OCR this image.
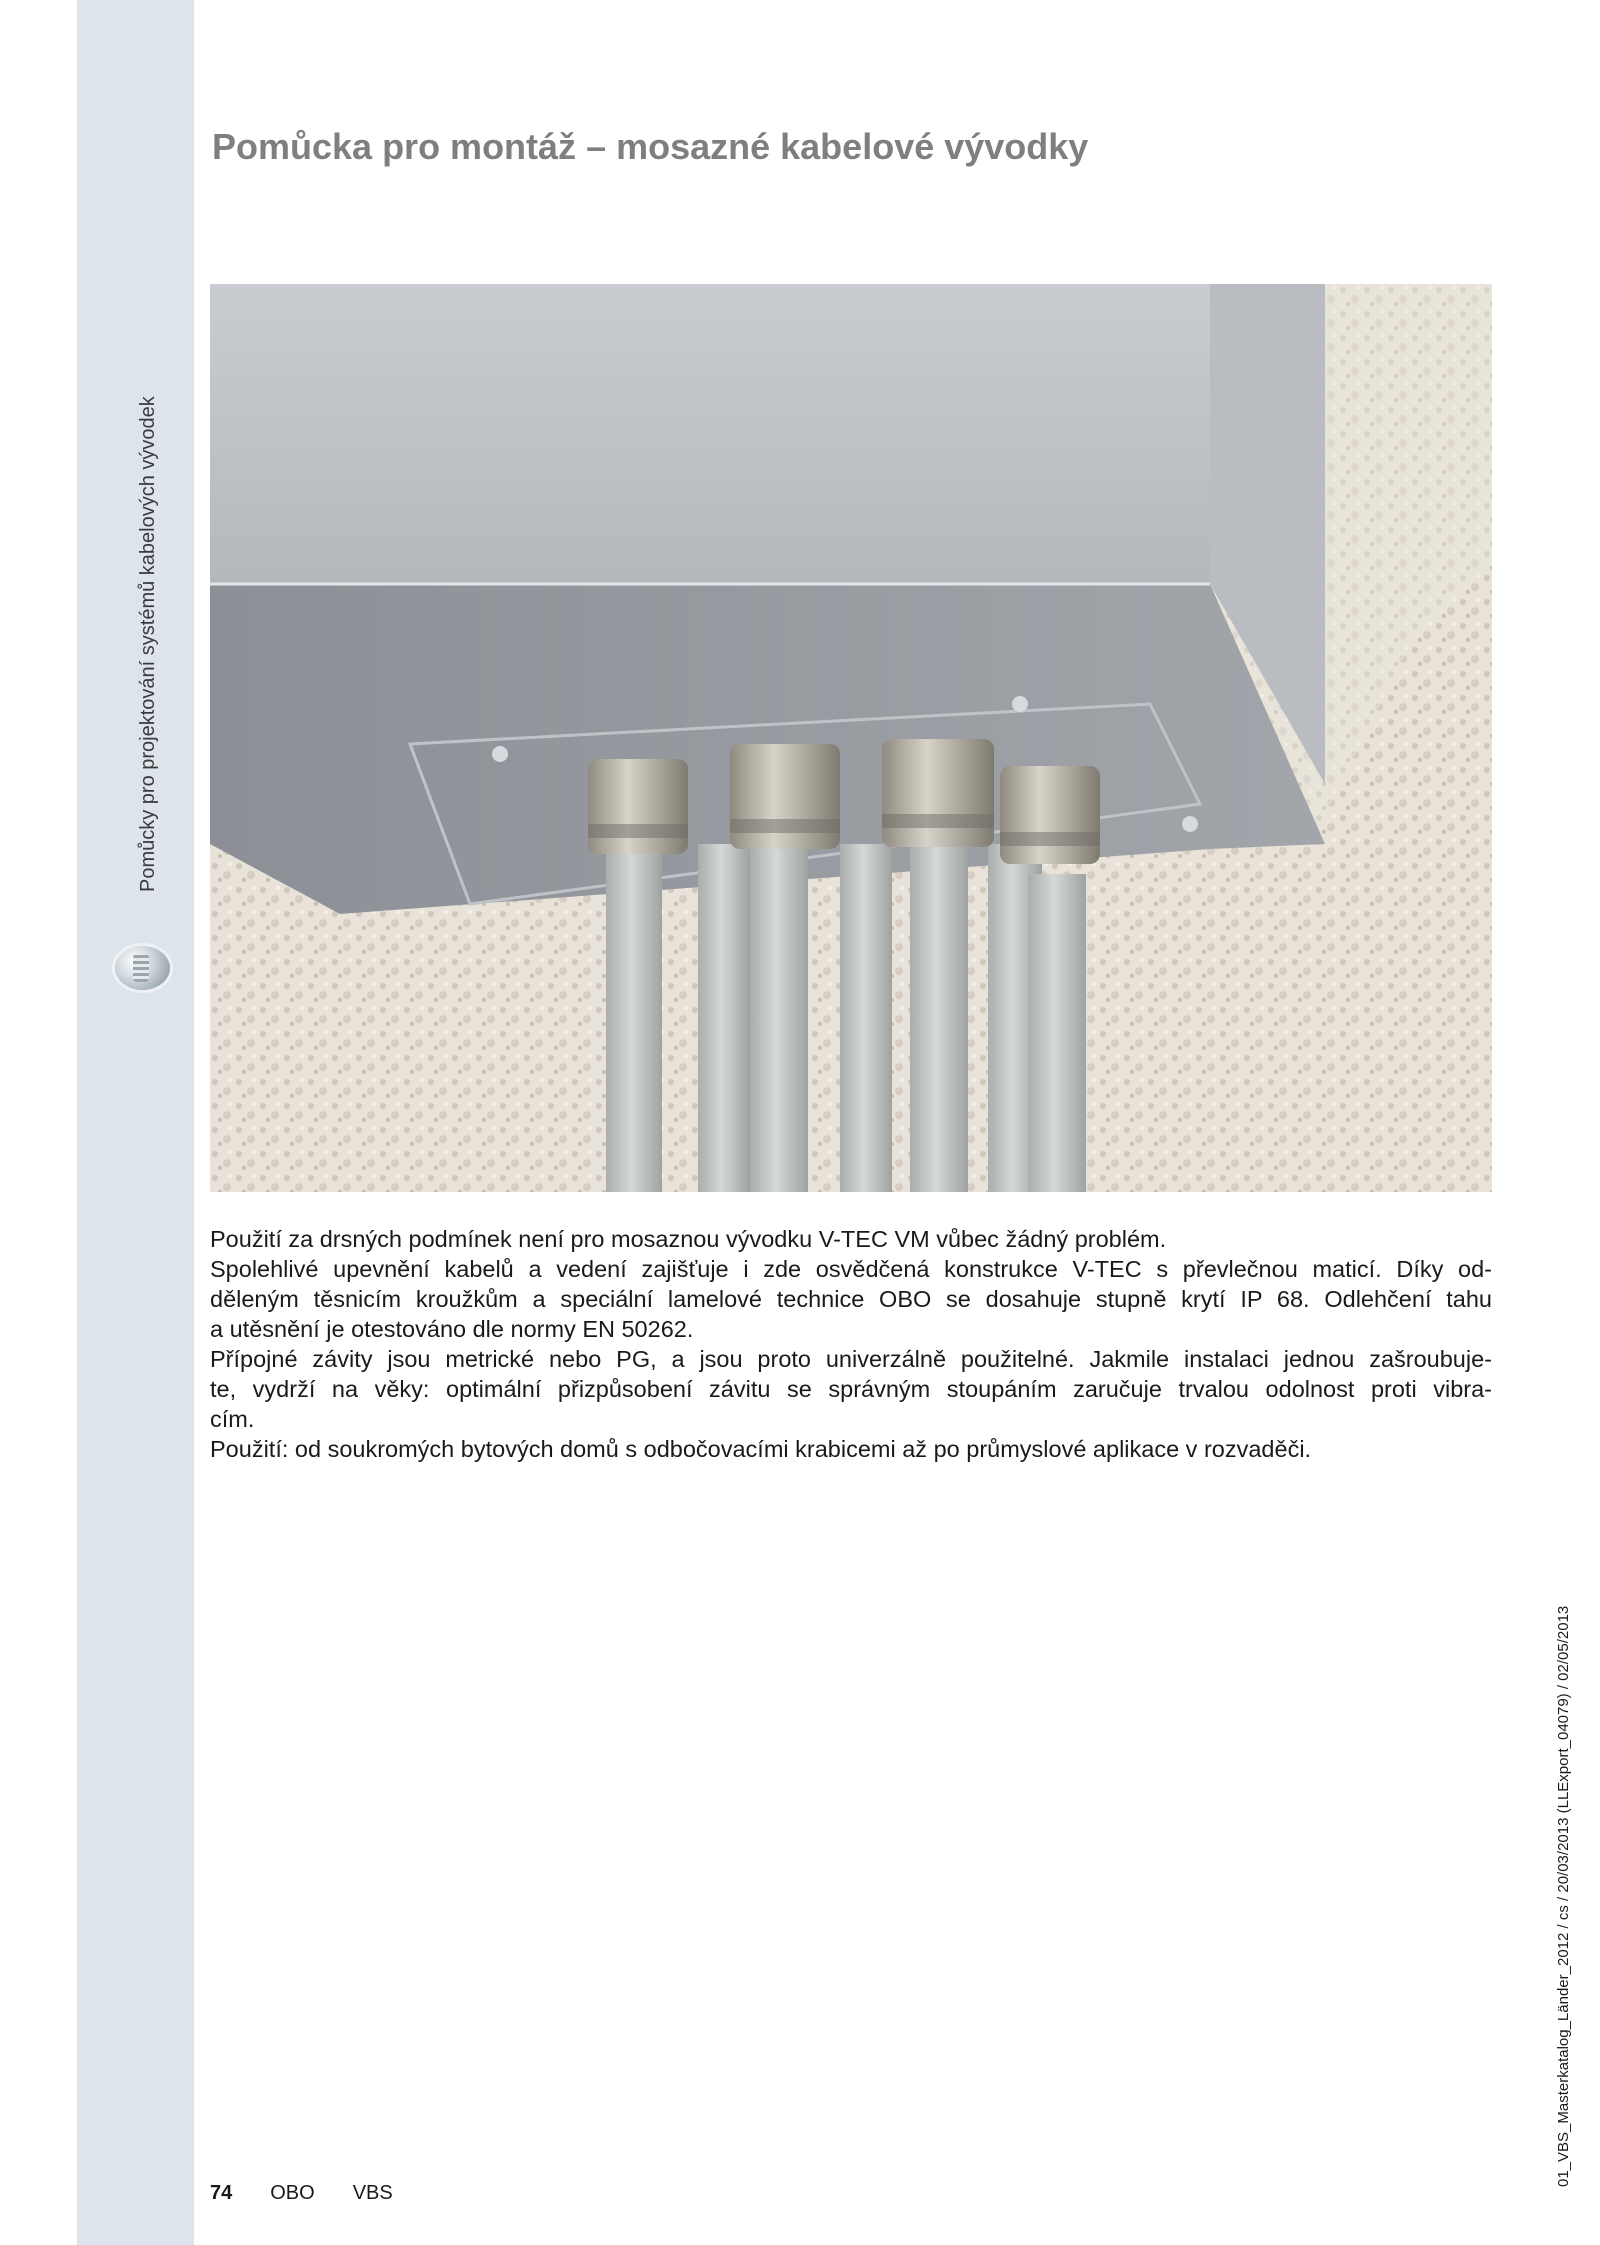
Pomůcky pro projektování systémů kabelových vývodek
Pomůcka pro montáž – mosazné kabelové vývodky

Použití za drsných podmínek není pro mosaznou vývodku V-TEC VM vůbec žádný problém.

Spolehlivé upevnění kabelů a vedení zajišťuje i zde osvědčená konstrukce V-TEC s převlečnou maticí. Díky od-

děleným těsnicím kroužkům a speciální lamelové technice OBO se dosahuje stupně krytí IP 68. Odlehčení tahu

a utěsnění je otestováno dle normy EN 50262.

Přípojné závity jsou metrické nebo PG, a jsou proto univerzálně použitelné. Jakmile instalaci jednou zašroubuje-

te, vydrží na věky: optimální přizpůsobení závitu se správným stoupáním zaručuje trvalou odolnost proti vibra-

cím.

Použití: od soukromých bytových domů s odbočovacími krabicemi až po průmyslové aplikace v rozvaděči.

74 OBO VBS
01_VBS_Masterkatalog_Länder_2012 / cs / 20/03/2013 (LLExport_04079) / 02/05/2013
